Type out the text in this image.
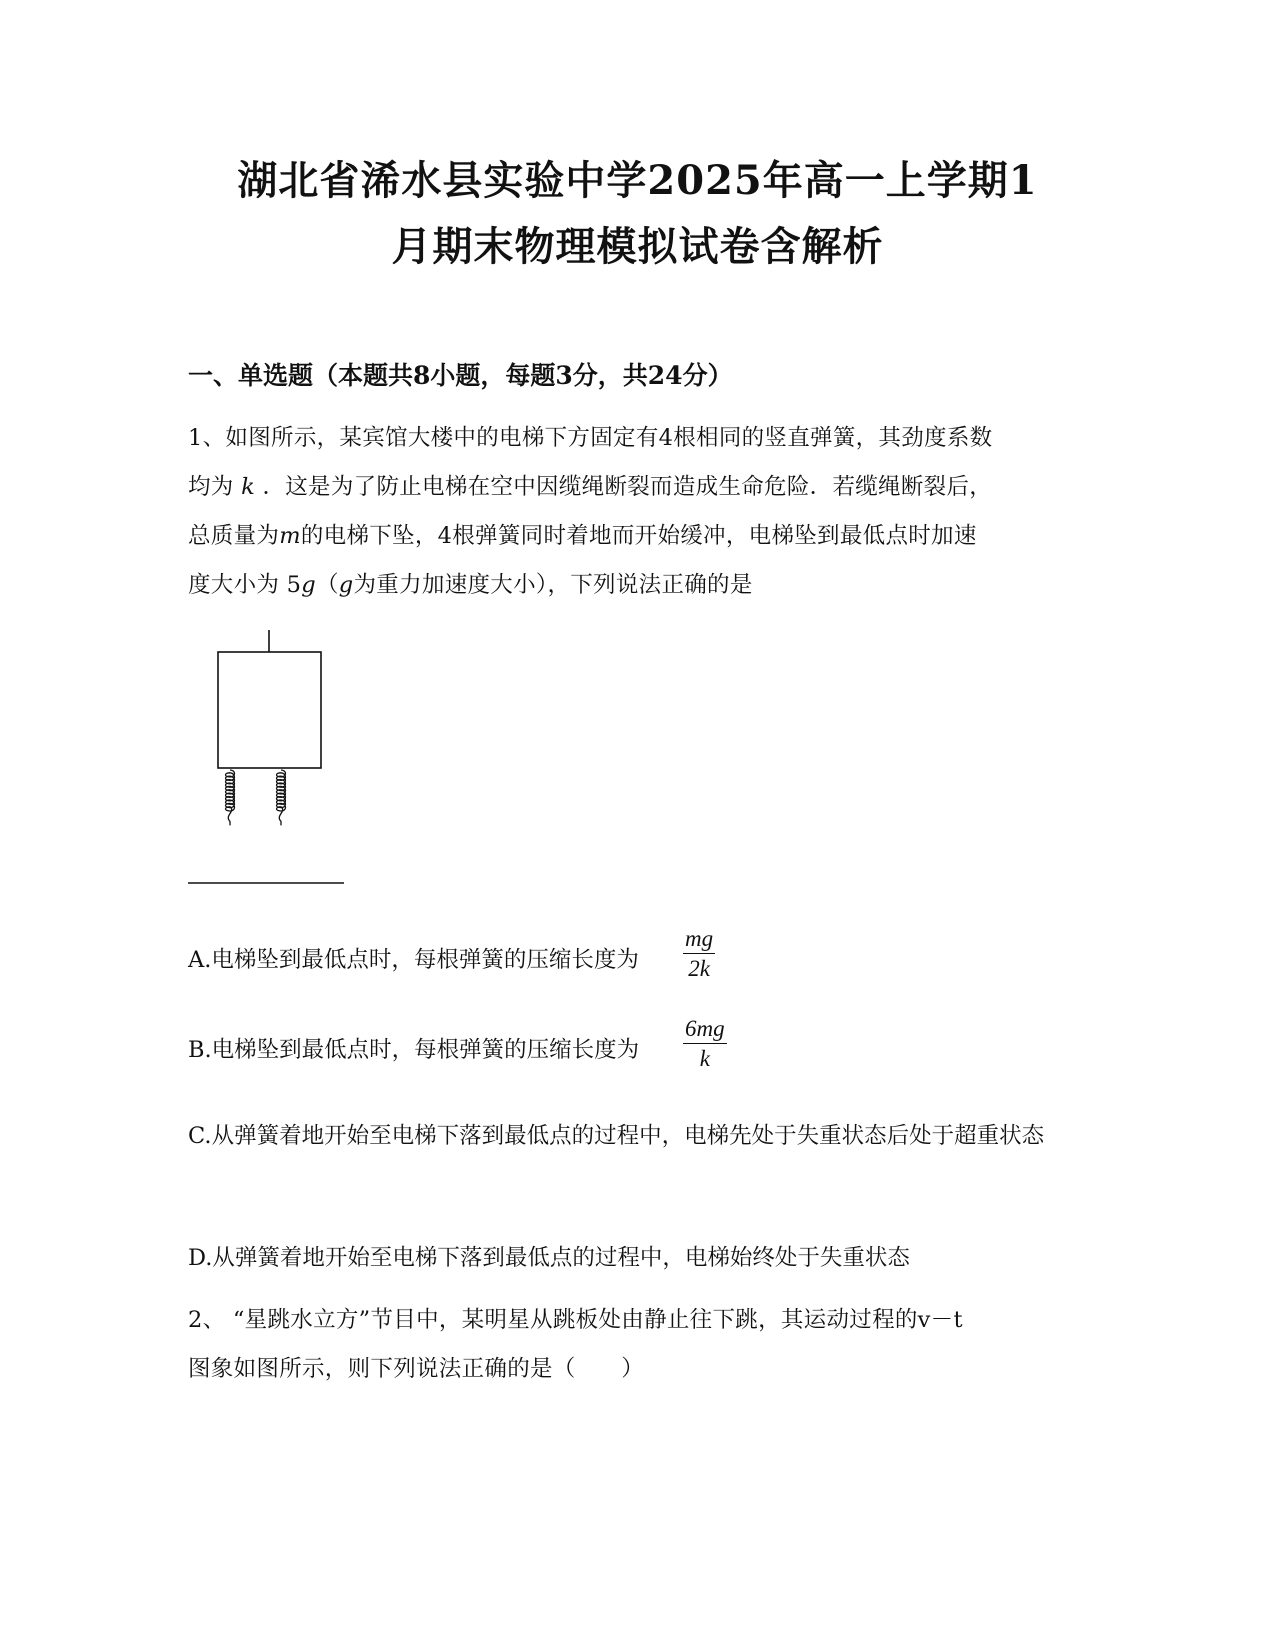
湖北省浠水县实验中学2025年高一上学期1
月期末物理模拟试卷含解析
一、单选题（本题共8小题，每题3分，共24分）
1、如图所示，某宾馆大楼中的电梯下方固定有4根相同的竖直弹簧，其劲度系数
均为 k ．这是为了防止电梯在空中因缆绳断裂而造成生命危险．若缆绳断裂后，
总质量为m的电梯下坠，4根弹簧同时着地而开始缓冲，电梯坠到最低点时加速
度大小为 5g（g为重力加速度大小），下列说法正确的是
A.电梯坠到最低点时，每根弹簧的压缩长度为 $\frac{mg}{2k}$
B.电梯坠到最低点时，每根弹簧的压缩长度为 $\frac{6mg}{k}$
C.从弹簧着地开始至电梯下落到最低点的过程中，电梯先处于失重状态后处于超重状态
D.从弹簧着地开始至电梯下落到最低点的过程中，电梯始终处于失重状态
2、 “星跳水立方”节目中，某明星从跳板处由静止往下跳，其运动过程的v－t
图象如图所示，则下列说法正确的是（　　）
